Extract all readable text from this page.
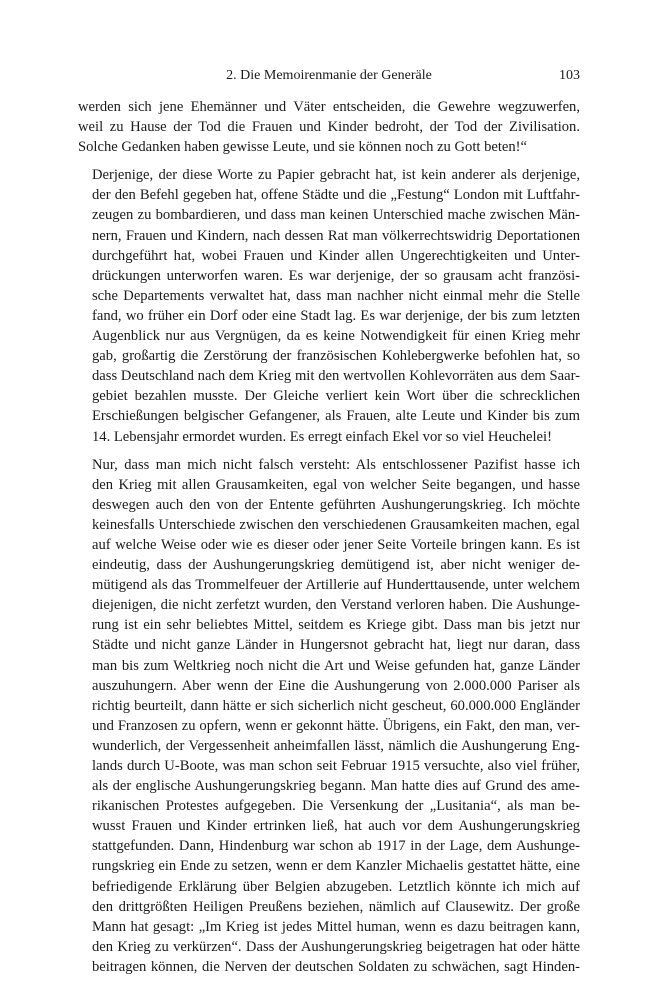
2. Die Memoirenmanie der Generäle	103
werden sich jene Ehemänner und Väter entscheiden, die Gewehre wegzuwerfen,
weil zu Hause der Tod die Frauen und Kinder bedroht, der Tod der Zivilisation.
Solche Gedanken haben gewisse Leute, und sie können noch zu Gott beten!“
Derjenige, der diese Worte zu Papier gebracht hat, ist kein anderer als derjenige,
der den Befehl gegeben hat, offene Städte und die „Festung“ London mit Luftfahr-
zeugen zu bombardieren, und dass man keinen Unterschied mache zwischen Män-
nern, Frauen und Kindern, nach dessen Rat man völkerrechtswidrig Deportationen
durchgeführt hat, wobei Frauen und Kinder allen Ungerechtigkeiten und Unter-
drückungen unterworfen waren. Es war derjenige, der so grausam acht französi-
sche Departements verwaltet hat, dass man nachher nicht einmal mehr die Stelle
fand, wo früher ein Dorf oder eine Stadt lag. Es war derjenige, der bis zum letzten
Augenblick nur aus Vergnügen, da es keine Notwendigkeit für einen Krieg mehr
gab, großartig die Zerstörung der französischen Kohlebergwerke befohlen hat, so
dass Deutschland nach dem Krieg mit den wertvollen Kohlevorräten aus dem Saar-
gebiet bezahlen musste. Der Gleiche verliert kein Wort über die schrecklichen
Erschießungen belgischer Gefangener, als Frauen, alte Leute und Kinder bis zum
14. Lebensjahr ermordet wurden. Es erregt einfach Ekel vor so viel Heuchelei!
Nur, dass man mich nicht falsch versteht: Als entschlossener Pazifist hasse ich
den Krieg mit allen Grausamkeiten, egal von welcher Seite begangen, und hasse
deswegen auch den von der Entente geführten Aushungerungskrieg. Ich möchte
keinesfalls Unterschiede zwischen den verschiedenen Grausamkeiten machen, egal
auf welche Weise oder wie es dieser oder jener Seite Vorteile bringen kann. Es ist
eindeutig, dass der Aushungerungskrieg demütigend ist, aber nicht weniger de-
mütigend als das Trommelfeuer der Artillerie auf Hunderttausende, unter welchem
diejenigen, die nicht zerfetzt wurden, den Verstand verloren haben. Die Aushunge-
rung ist ein sehr beliebtes Mittel, seitdem es Kriege gibt. Dass man bis jetzt nur
Städte und nicht ganze Länder in Hungersnot gebracht hat, liegt nur daran, dass
man bis zum Weltkrieg noch nicht die Art und Weise gefunden hat, ganze Länder
auszuhungern. Aber wenn der Eine die Aushungerung von 2.000.000 Pariser als
richtig beurteilt, dann hätte er sich sicherlich nicht gescheut, 60.000.000 Engländer
und Franzosen zu opfern, wenn er gekonnt hätte. Übrigens, ein Fakt, den man, ver-
wunderlich, der Vergessenheit anheimfallen lässt, nämlich die Aushungerung Eng-
lands durch U-Boote, was man schon seit Februar 1915 versuchte, also viel früher,
als der englische Aushungerungskrieg begann. Man hatte dies auf Grund des ame-
rikanischen Protestes aufgegeben. Die Versenkung der „Lusitania“, als man be-
wusst Frauen und Kinder ertrinken ließ, hat auch vor dem Aushungerungskrieg
stattgefunden. Dann, Hindenburg war schon ab 1917 in der Lage, dem Aushunge-
rungskrieg ein Ende zu setzen, wenn er dem Kanzler Michaelis gestattet hätte, eine
befriedigende Erklärung über Belgien abzugeben. Letztlich könnte ich mich auf
den drittgrößten Heiligen Preußens beziehen, nämlich auf Clausewitz. Der große
Mann hat gesagt: „Im Krieg ist jedes Mittel human, wenn es dazu beitragen kann,
den Krieg zu verkürzen“. Dass der Aushungerungskrieg beigetragen hat oder hätte
beitragen können, die Nerven der deutschen Soldaten zu schwächen, sagt Hinden-
